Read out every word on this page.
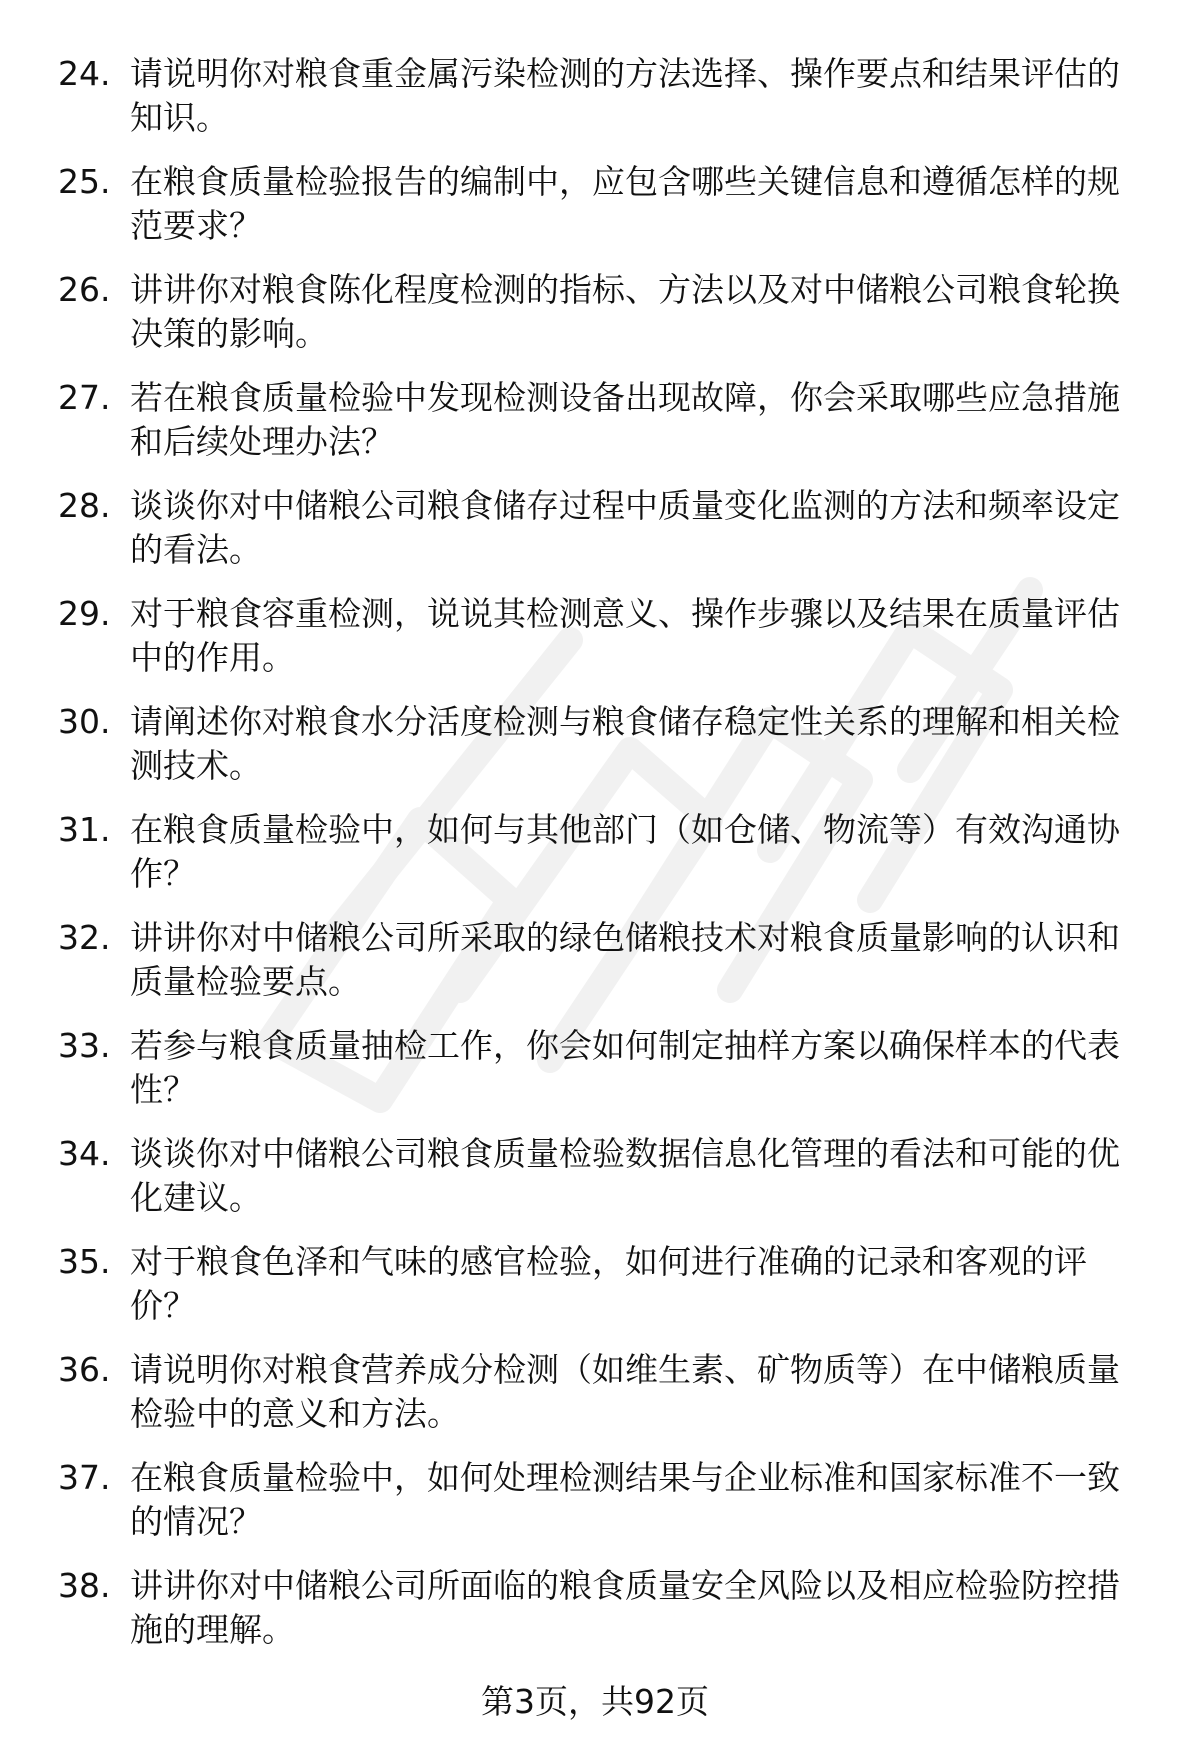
24. 请说明你对粮食重金属污染检测的方法选择、操作要点和结果评估的知识。
25. 在粮食质量检验报告的编制中，应包含哪些关键信息和遵循怎样的规范要求？
26. 讲讲你对粮食陈化程度检测的指标、方法以及对中储粮公司粮食轮换决策的影响。
27. 若在粮食质量检验中发现检测设备出现故障，你会采取哪些应急措施和后续处理办法？
28. 谈谈你对中储粮公司粮食储存过程中质量变化监测的方法和频率设定的看法。
29. 对于粮食容重检测，说说其检测意义、操作步骤以及结果在质量评估中的作用。
30. 请阐述你对粮食水分活度检测与粮食储存稳定性关系的理解和相关检测技术。
31. 在粮食质量检验中，如何与其他部门（如仓储、物流等）有效沟通协作？
32. 讲讲你对中储粮公司所采取的绿色储粮技术对粮食质量影响的认识和质量检验要点。
33. 若参与粮食质量抽检工作，你会如何制定抽样方案以确保样本的代表性？
34. 谈谈你对中储粮公司粮食质量检验数据信息化管理的看法和可能的优化建议。
35. 对于粮食色泽和气味的感官检验，如何进行准确的记录和客观的评价？
36. 请说明你对粮食营养成分检测（如维生素、矿物质等）在中储粮质量检验中的意义和方法。
37. 在粮食质量检验中，如何处理检测结果与企业标准和国家标准不一致的情况？
38. 讲讲你对中储粮公司所面临的粮食质量安全风险以及相应检验防控措施的理解。
第3页，共92页
